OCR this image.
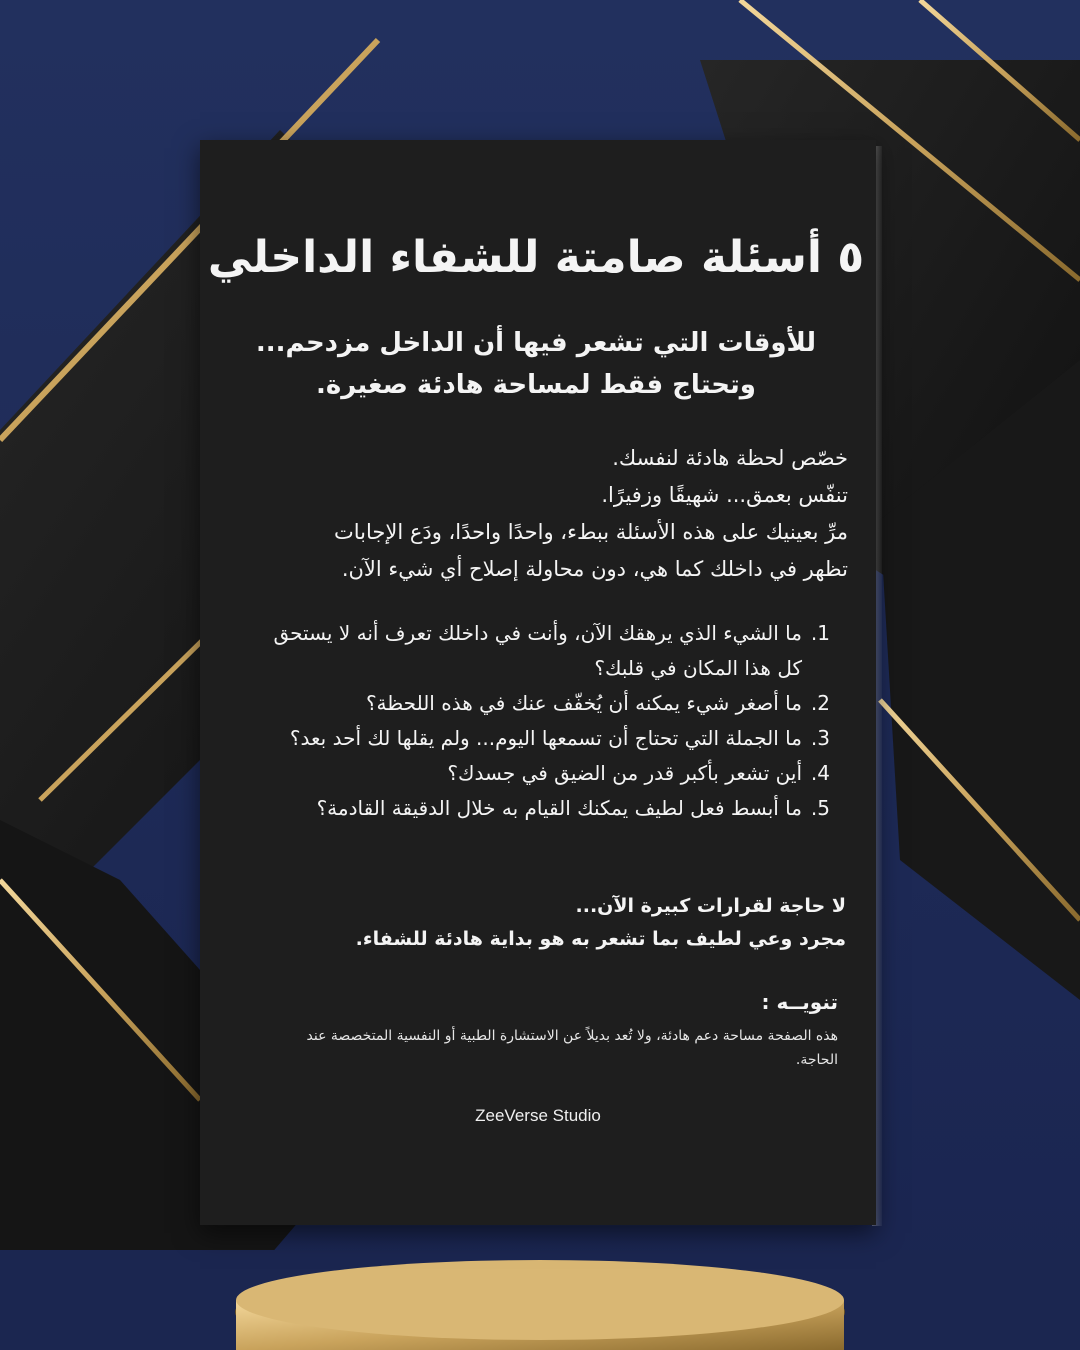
٥ أسئلة صامتة للشفاء الداخلي
للأوقات التي تشعر فيها أن الداخل مزدحم...
وتحتاج فقط لمساحة هادئة صغيرة.

خصّص لحظة هادئة لنفسك.

تنفّس بعمق... شهيقًا وزفيرًا.

مرِّ بعينيك على هذه الأسئلة ببطء، واحدًا واحدًا، ودَع الإجابات

تظهر في داخلك كما هي، دون محاولة إصلاح أي شيء الآن.

1.
ما الشيء الذي يرهقك الآن، وأنت في داخلك تعرف أنه لا يستحق كل هذا المكان في قلبك؟
2.
ما أصغر شيء يمكنه أن يُخفّف عنك في هذه اللحظة؟
3.
ما الجملة التي تحتاج أن تسمعها اليوم... ولم يقلها لك أحد بعد؟
4.
أين تشعر بأكبر قدر من الضيق في جسدك؟
5.
ما أبسط فعل لطيف يمكنك القيام به خلال الدقيقة القادمة؟
لا حاجة لقرارات كبيرة الآن...
مجرد وعي لطيف بما تشعر به هو بداية هادئة للشفاء.
تنويــه :
هذه الصفحة مساحة دعم هادئة، ولا تُعد بديلاً عن الاستشارة الطبية أو النفسية المتخصصة عند الحاجة.
ZeeVerse Studio
